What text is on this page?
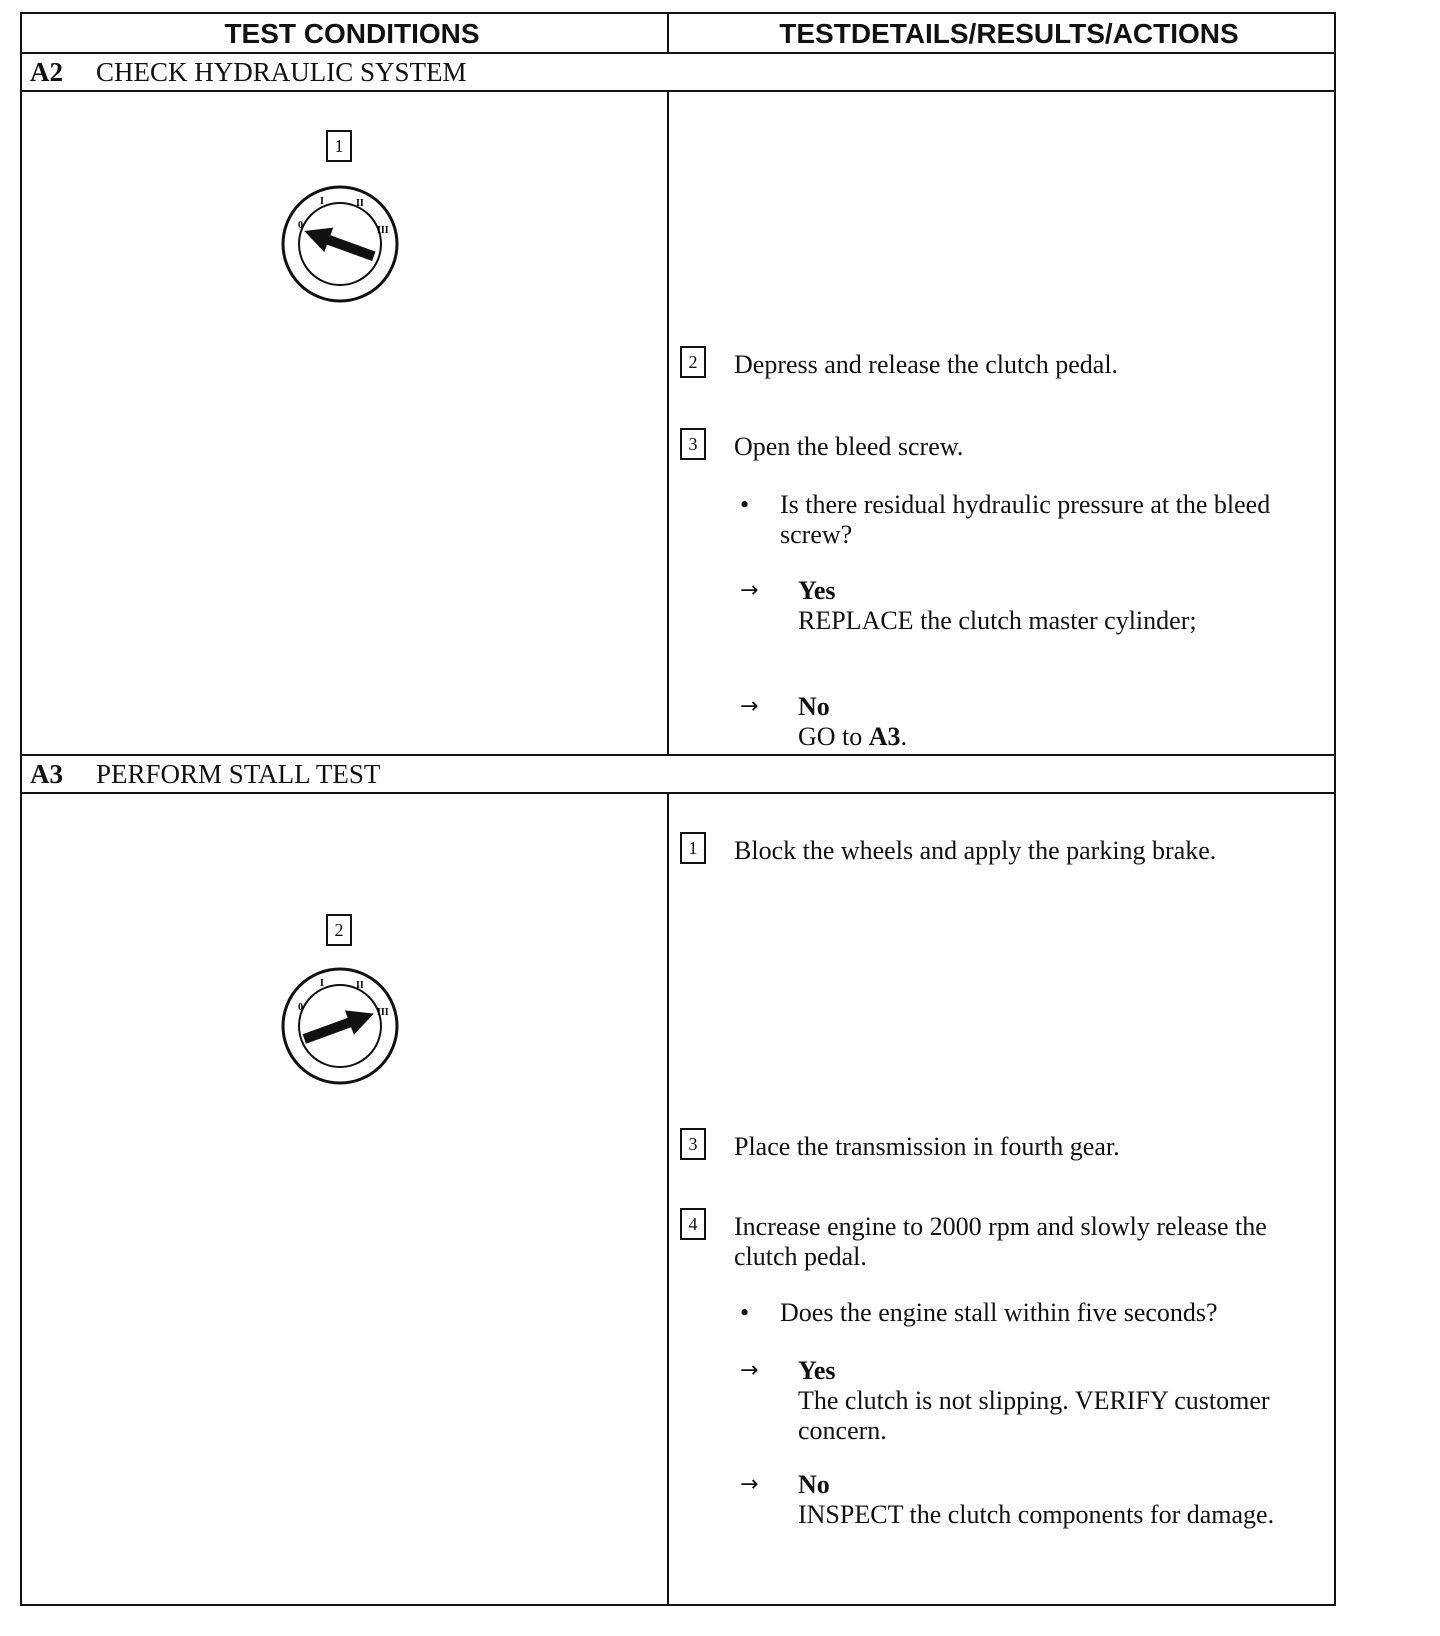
TEST CONDITIONS	TESTDETAILS/RESULTS/ACTIONS
A2 CHECK HYDRAULIC SYSTEM
1
0
I	II
III
2	Depress and release the clutch pedal.
3	Open the bleed screw.
• Is there residual hydraulic pressure at the bleed screw?
→ Yes
REPLACE the clutch master cylinder;
→ No
GO to A3.
A3 PERFORM STALL TEST
2
0
I	II
III
1	Block the wheels and apply the parking brake.
3	Place the transmission in fourth gear.
4	Increase engine to 2000 rpm and slowly release the clutch pedal.
• Does the engine stall within five seconds?
→ Yes
The clutch is not slipping. VERIFY customer concern.
→ No
INSPECT the clutch components for damage.
